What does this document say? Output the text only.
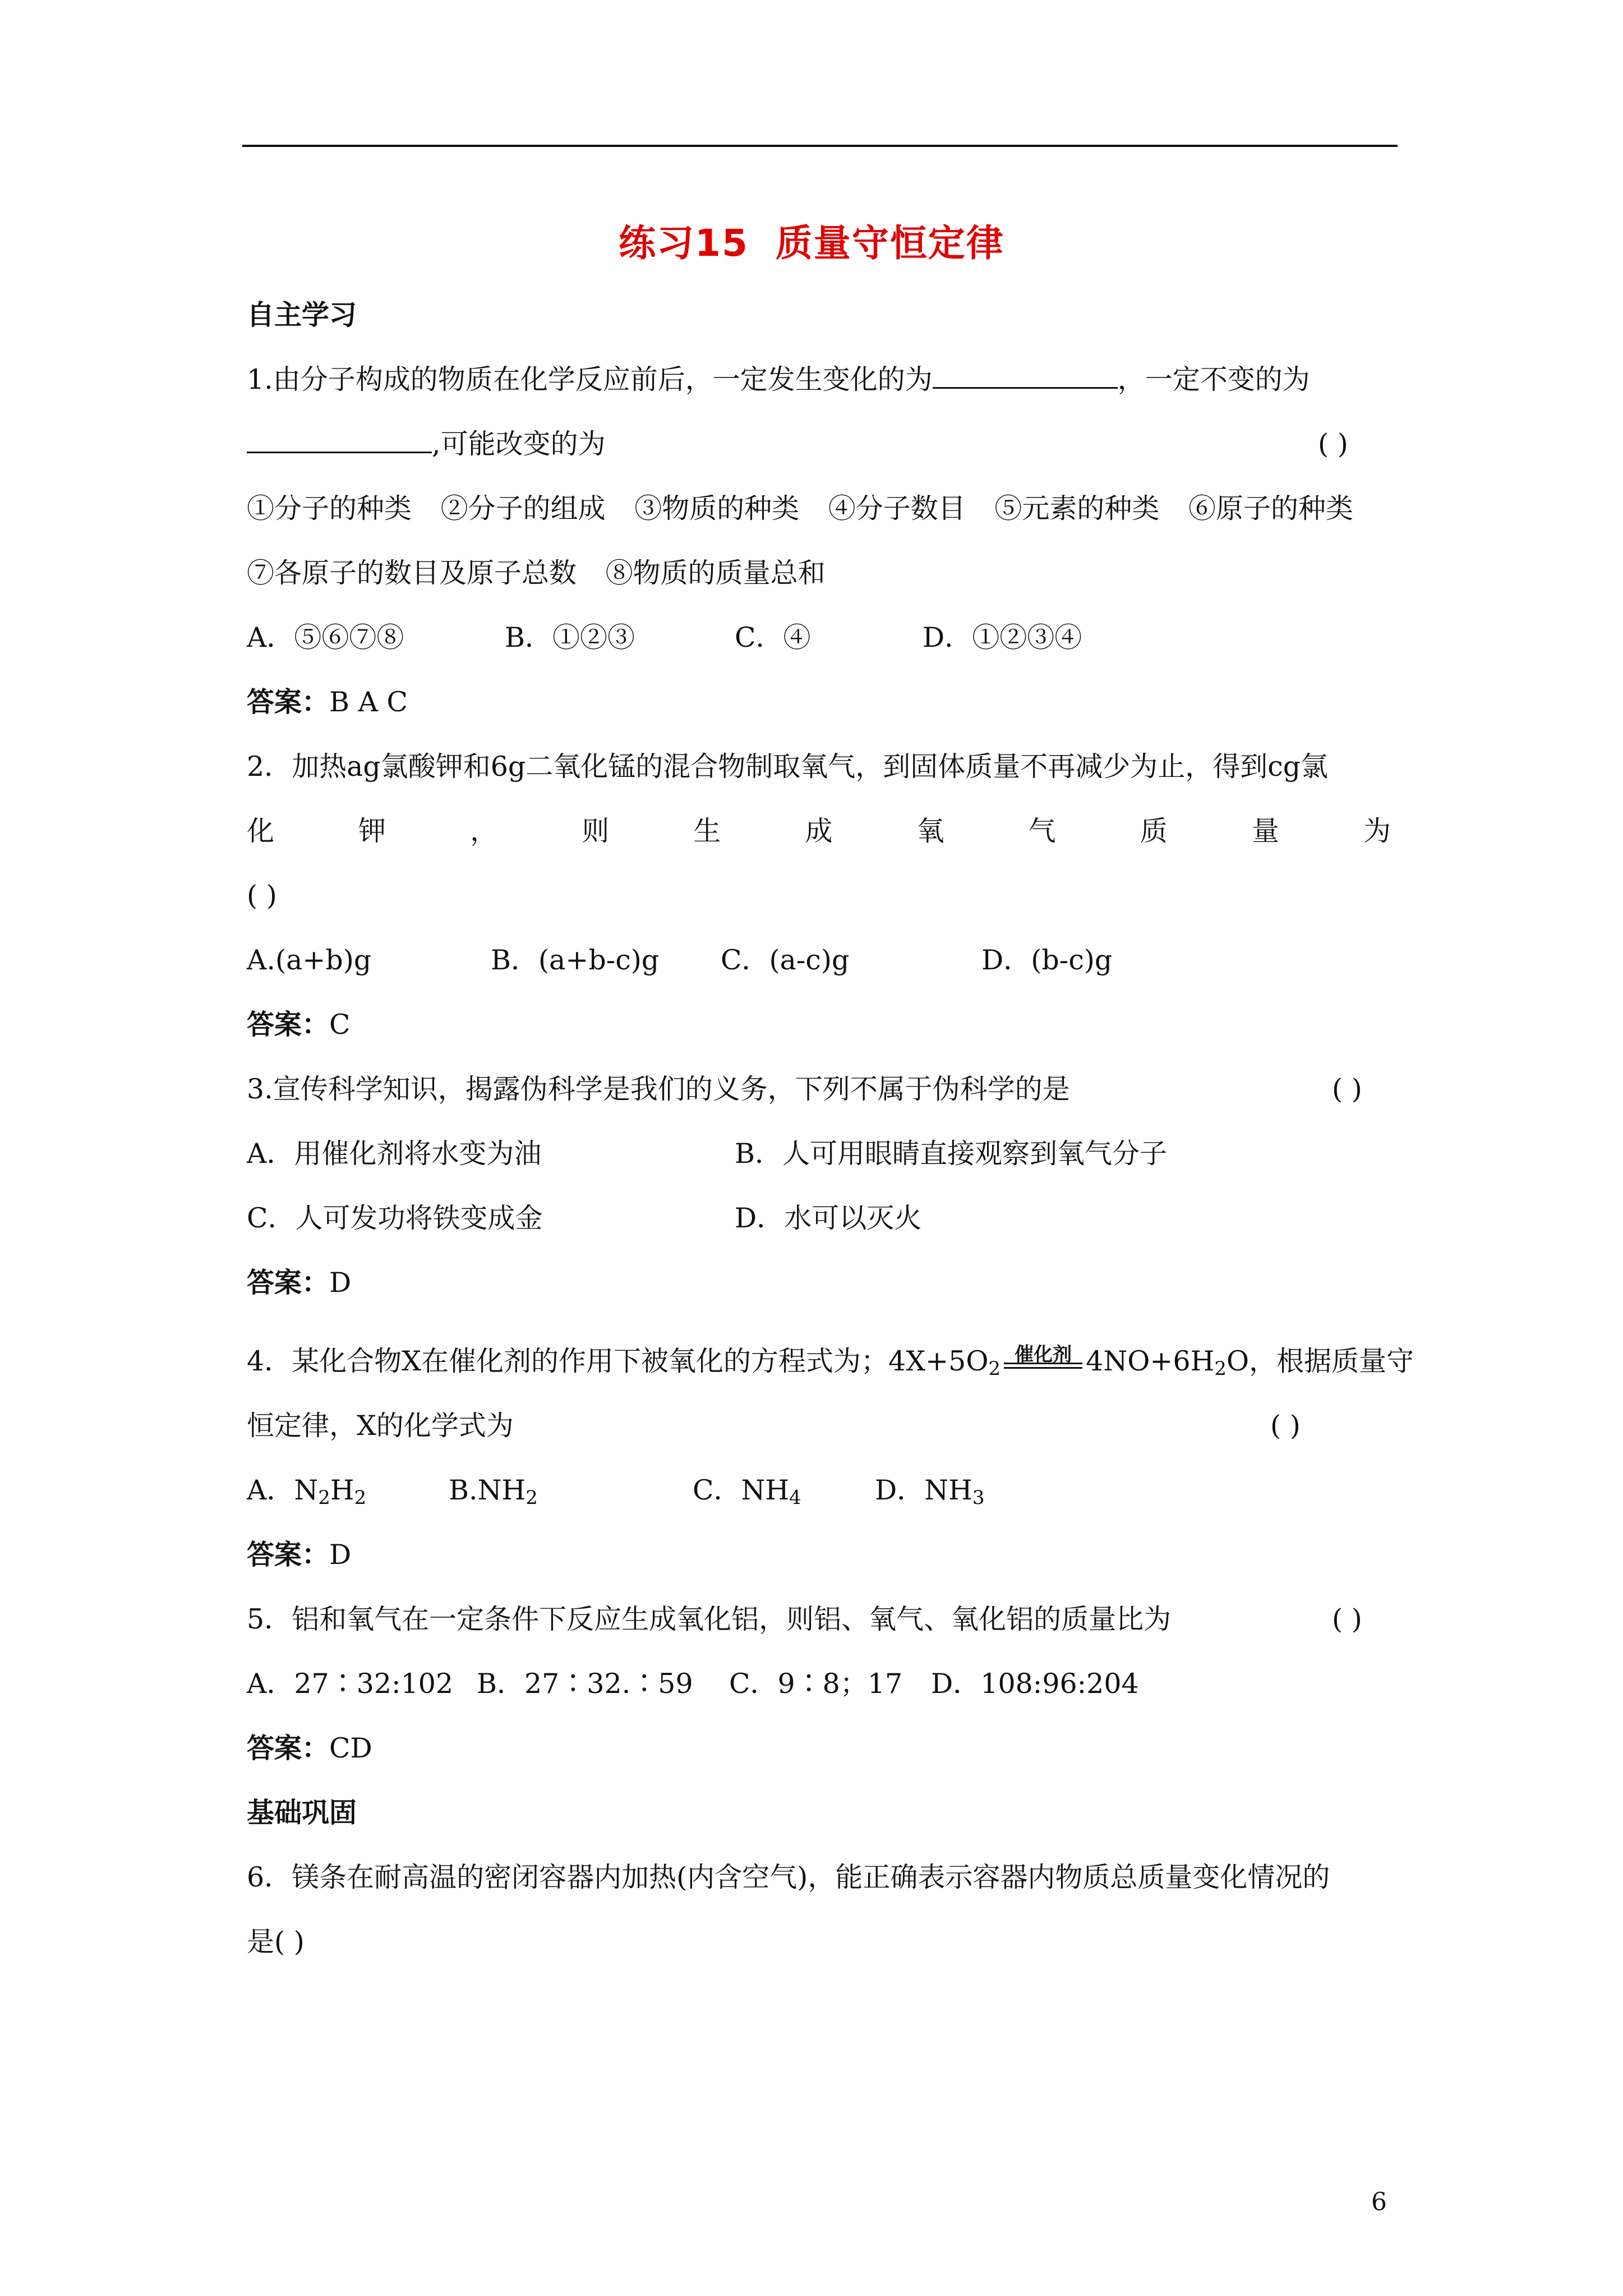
练习15 质量守恒定律
自主学习
1.由分子构成的物质在化学反应前后，一定发生变化的为	，一定不变的为
,可能改变的为	( )
①分子的种类 ②分子的组成 ③物质的种类 ④分子数目 ⑤元素的种类 ⑥原子的种类
⑦各原子的数目及原子总数 ⑧物质的质量总和
A．⑤⑥⑦⑧	B．①②③	C．④	D．①②③④
答案：B A C
2．加热ag氯酸钾和6g二氧化锰的混合物制取氧气，到固体质量不再减少为止，得到cg氯
化	钾	，	则	生	成	氧	气	质	量	为
( )
A.(a+b)g	B．(a+b-c)g C．(a-c)g	D．(b-c)g
答案：C
3.宣传科学知识，揭露伪科学是我们的义务，下列不属于伪科学的是	( )
A．用催化剂将水变为油	B．人可用眼睛直接观察到氧气分子
C．人可发功将铁变成金	D．水可以灭火
答案：D
4．某化合物X在催化剂的作用下被氧化的方程式为；$4X+5O_2$
催化剂 $4NO+6H_2O$，根据质量守
恒定律，X的化学式为	( )
A．$N_2H_2$	$B.NH_2$	C．$NH_4$	D．$NH_3$
答案：D
5．铝和氧气在一定条件下反应生成氧化铝，则铝、氧气、氧化铝的质量比为	( )
A．27∶32:102 B．27∶32.∶59 C．9∶8；17 D．108:96:204
答案：CD
基础巩固
6．镁条在耐高温的密闭容器内加热(内含空气)，能正确表示容器内物质总质量变化情况的
是( )
6
